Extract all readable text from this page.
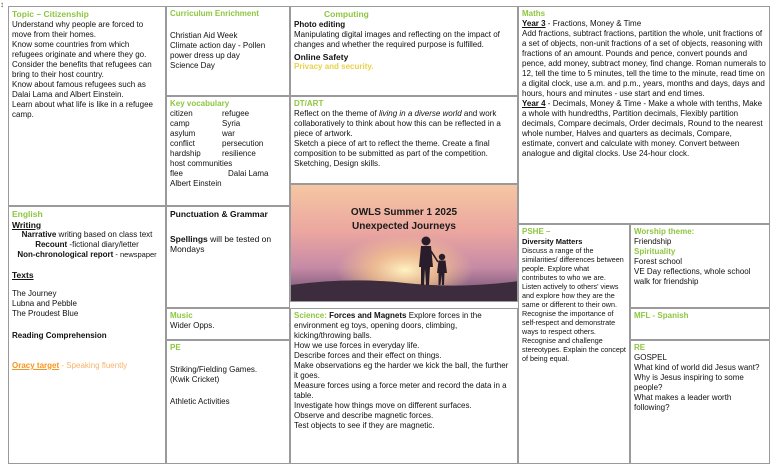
↕
Topic – Citizenship
Understand why people are forced to move from their homes.
Know some countries from which refugees originate and where they go.
Consider the benefits that refugees can bring to their host country.
Know about famous refugees such as Dalai Lama and Albert Einstein.
Learn about what life is like in a refugee camp.
Curriculum Enrichment
Christian Aid Week
Climate action day - Pollen power dress up day
Science Day
Key vocabulary
citizen	refugee
camp	Syria
asylum	war
conflict	persecution
hardship	resilience
host communities
flee	Dalai Lama
Albert Einstein
Computing
Photo editing
Manipulating digital images and reflecting on the impact of changes and whether the required purpose is fulfilled.
Online Safety
Privacy and security.
DT/ART
Reflect on the theme of living in a diverse world and work collaboratively to think about how this can be reflected in a piece of artwork.
Sketch a piece of art to reflect the theme. Create a final composition to be submitted as part of the competition. Sketching, Design skills.
OWLS Summer 1 2025
Unexpected Journeys
Maths
Year 3 - Fractions, Money & Time
Add fractions, subtract fractions, partition the whole, unit fractions of a set of objects, non-unit fractions of a set of objects, reasoning with fractions of an amount. Pounds and pence, convert pounds and pence, add money, subtract money, find change. Roman numerals to 12, tell the time to 5 minutes, tell the time to the minute, read time on a digital clock, use a.m. and p.m., years, months and days, days and hours, hours and minutes - use start and end times.
Year 4 - Decimals, Money & Time - Make a whole with tenths, Make a whole with hundredths, Partition decimals, Flexibly partition decimals, Compare decimals, Order decimals, Round to the nearest whole number, Halves and quarters as decimals, Compare, estimate, convert and calculate with money. Convert between analogue and digital clocks. Use 24-hour clock.
English
Writing
Narrative writing based on class text
Recount -fictional diary/letter
Non-chronological report - newspaper
Texts
The Journey
Lubna and Pebble
The Proudest Blue
Reading Comprehension
Oracy target - Speaking fluently
Punctuation & Grammar
Spellings will be tested on Mondays
Music
Wider Opps.
PE
Striking/Fielding Games.
(Kwik Cricket)
Athletic Activities
Science: Forces and Magnets Explore forces in the environment eg toys, opening doors, climbing, kicking/throwing balls.
How we use forces in everyday life.
Describe forces and their effect on things.
Make observations eg the harder we kick the ball, the further it goes.
Measure forces using a force meter and record the data in a table.
Investigate how things move on different surfaces.
Observe and describe magnetic forces.
Test objects to see if they are magnetic.
PSHE –
Diversity Matters
Discuss a range of the similarities/ differences between people. Explore what contributes to who we are. Listen actively to others' views and explore how they are the same or different to their own. Recognise the importance of self-respect and demonstrate ways to respect others. Recognise and challenge stereotypes. Explain the concept of being equal.
Worship theme:
Friendship
Spirituality
Forest school
VE Day reflections, whole school walk for friendship
MFL - Spanish
RE
GOSPEL
What kind of world did Jesus want?
Why is Jesus inspiring to some people?
What makes a leader worth following?
